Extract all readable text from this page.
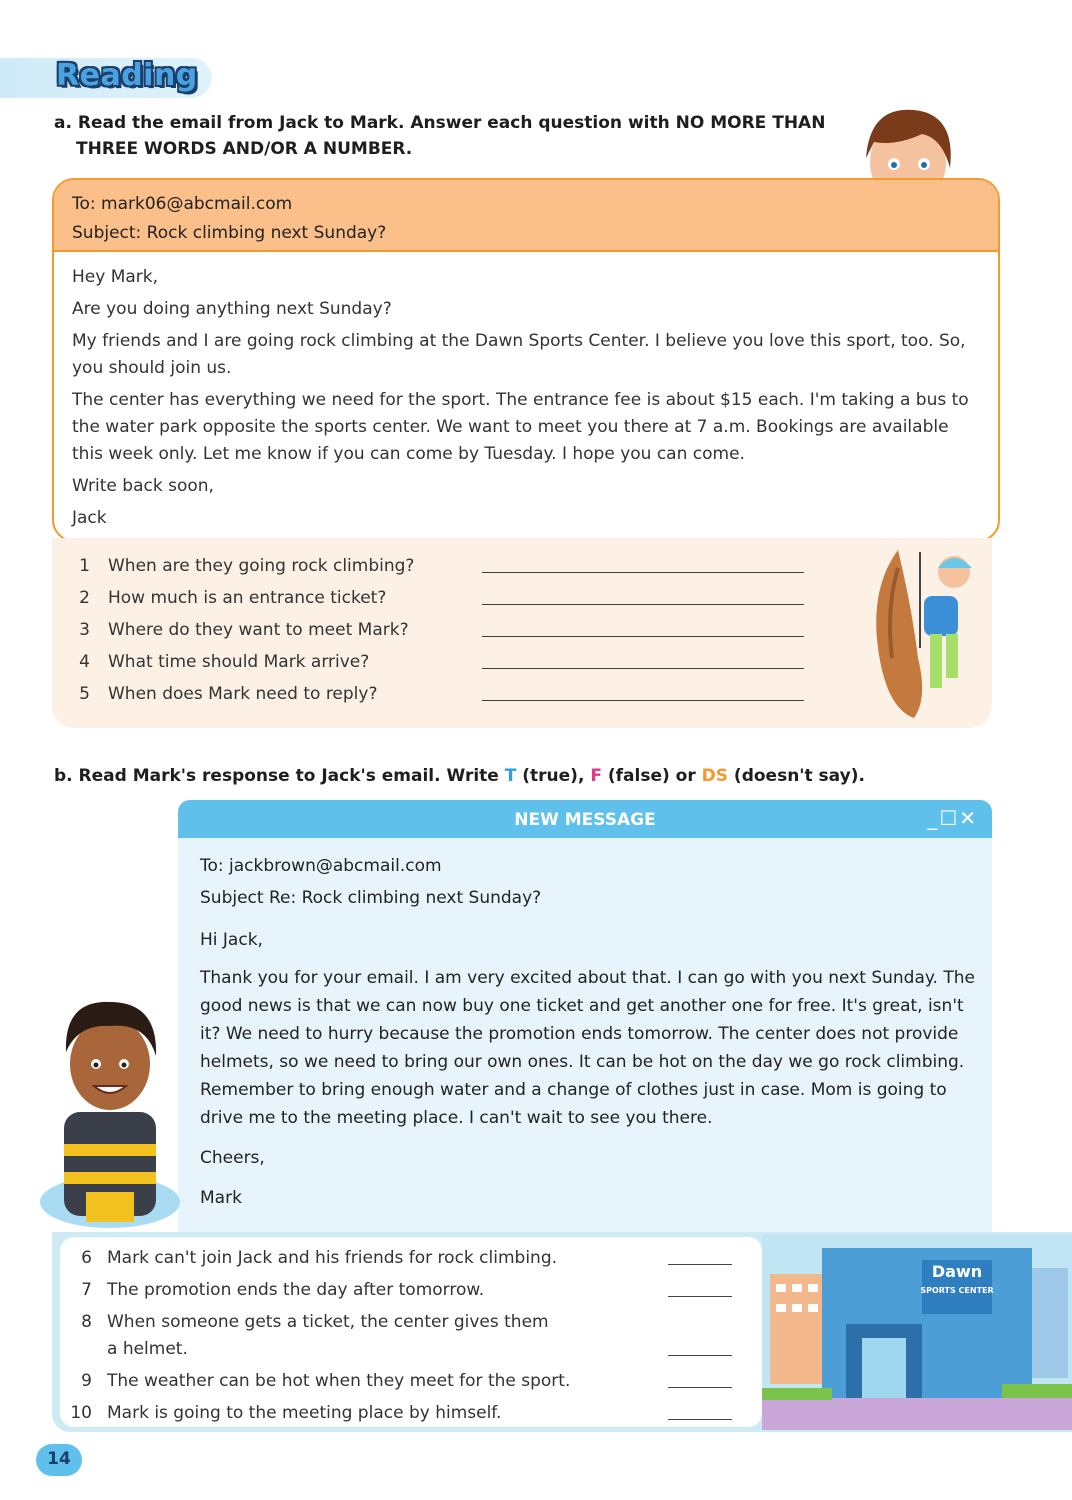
Reading
a. Read the email from Jack to Mark. Answer each question with NO MORE THAN
THREE WORDS AND/OR A NUMBER.
To: mark06@abcmail.com
Subject: Rock climbing next Sunday?

Hey Mark,

Are you doing anything next Sunday?

My friends and I are going rock climbing at the Dawn Sports Center. I believe you love this sport, too. So, you should join us.

The center has everything we need for the sport. The entrance fee is about $15 each. I'm taking a bus to the water park opposite the sports center. We want to meet you there at 7 a.m. Bookings are available this week only. Let me know if you can come by Tuesday. I hope you can come.

Write back soon,

Jack

1 When are they going rock climbing?
2 How much is an entrance ticket?
3 Where do they want to meet Mark?
4 What time should Mark arrive?
5 When does Mark need to reply?
b. Read Mark's response to Jack's email. Write T (true), F (false) or DS (doesn't say).
NEW MESSAGE	_☐✕
To: jackbrown@abcmail.com
Subject Re: Rock climbing next Sunday?
Hi Jack,
Thank you for your email. I am very excited about that. I can go with you next Sunday. The good news is that we can now buy one ticket and get another one for free. It's great, isn't it? We need to hurry because the promotion ends tomorrow. The center does not provide helmets, so we need to bring our own ones. It can be hot on the day we go rock climbing. Remember to bring enough water and a change of clothes just in case. Mom is going to drive me to the meeting place. I can't wait to see you there.
Cheers,
Mark
6 Mark can't join Jack and his friends for rock climbing.
7 The promotion ends the day after tomorrow.
8 When someone gets a ticket, the center gives them
a helmet.
9 The weather can be hot when they meet for the sport.
10 Mark is going to the meeting place by himself.
Dawn
SPORTS CENTER
14
